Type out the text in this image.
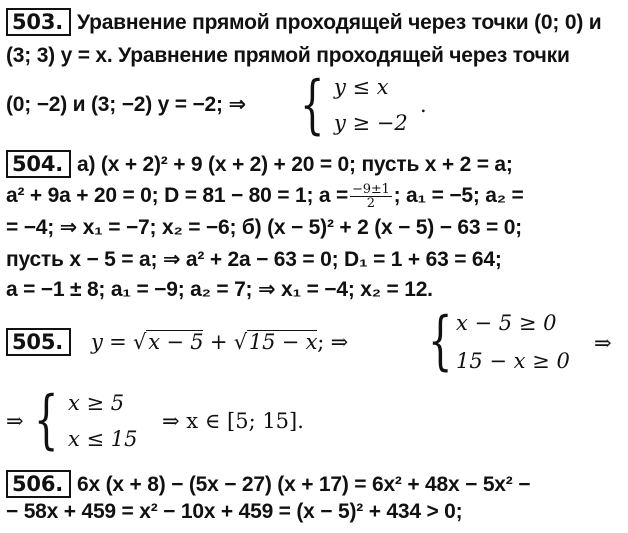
503. Уравнение прямой проходящей через точки (0; 0) и
(3; 3) y = x. Уравнение прямой проходящей через точки
(0; −2) и (3; −2) y = −2; ⇒ { y ≤ x
y ≥ −2
.
504. а) (x + 2)² + 9 (x + 2) + 20 = 0; пусть x + 2 = a;
a² + 9a + 20 = 0; D = 81 − 80 = 1; $a = \frac{-9\pm 1}{2}$ ; a₁ = −5; a₂ =
= −4; ⇒ x₁ = −7; x₂ = −6; б) (x − 5)² + 2 (x − 5) − 63 = 0;
пусть x − 5 = a; ⇒ a² + 2a − 63 = 0; D₁ = 1 + 63 = 64;
a = −1 ± 8; a₁ = −9; a₂ = 7; ⇒ x₁ = −4; x₂ = 12.
505. y = √x − 5 + √15 − x; ⇒ { x − 5 ≥ 0
15 − x ≥ 0
⇒
⇒ { x ≥ 5
x ≤ 15
⇒ x ∈ [5; 15].
506. 6x (x + 8) − (5x − 27) (x + 17) = 6x² + 48x − 5x² −
− 58x + 459 = x² − 10x + 459 = (x − 5)² + 434 > 0;
